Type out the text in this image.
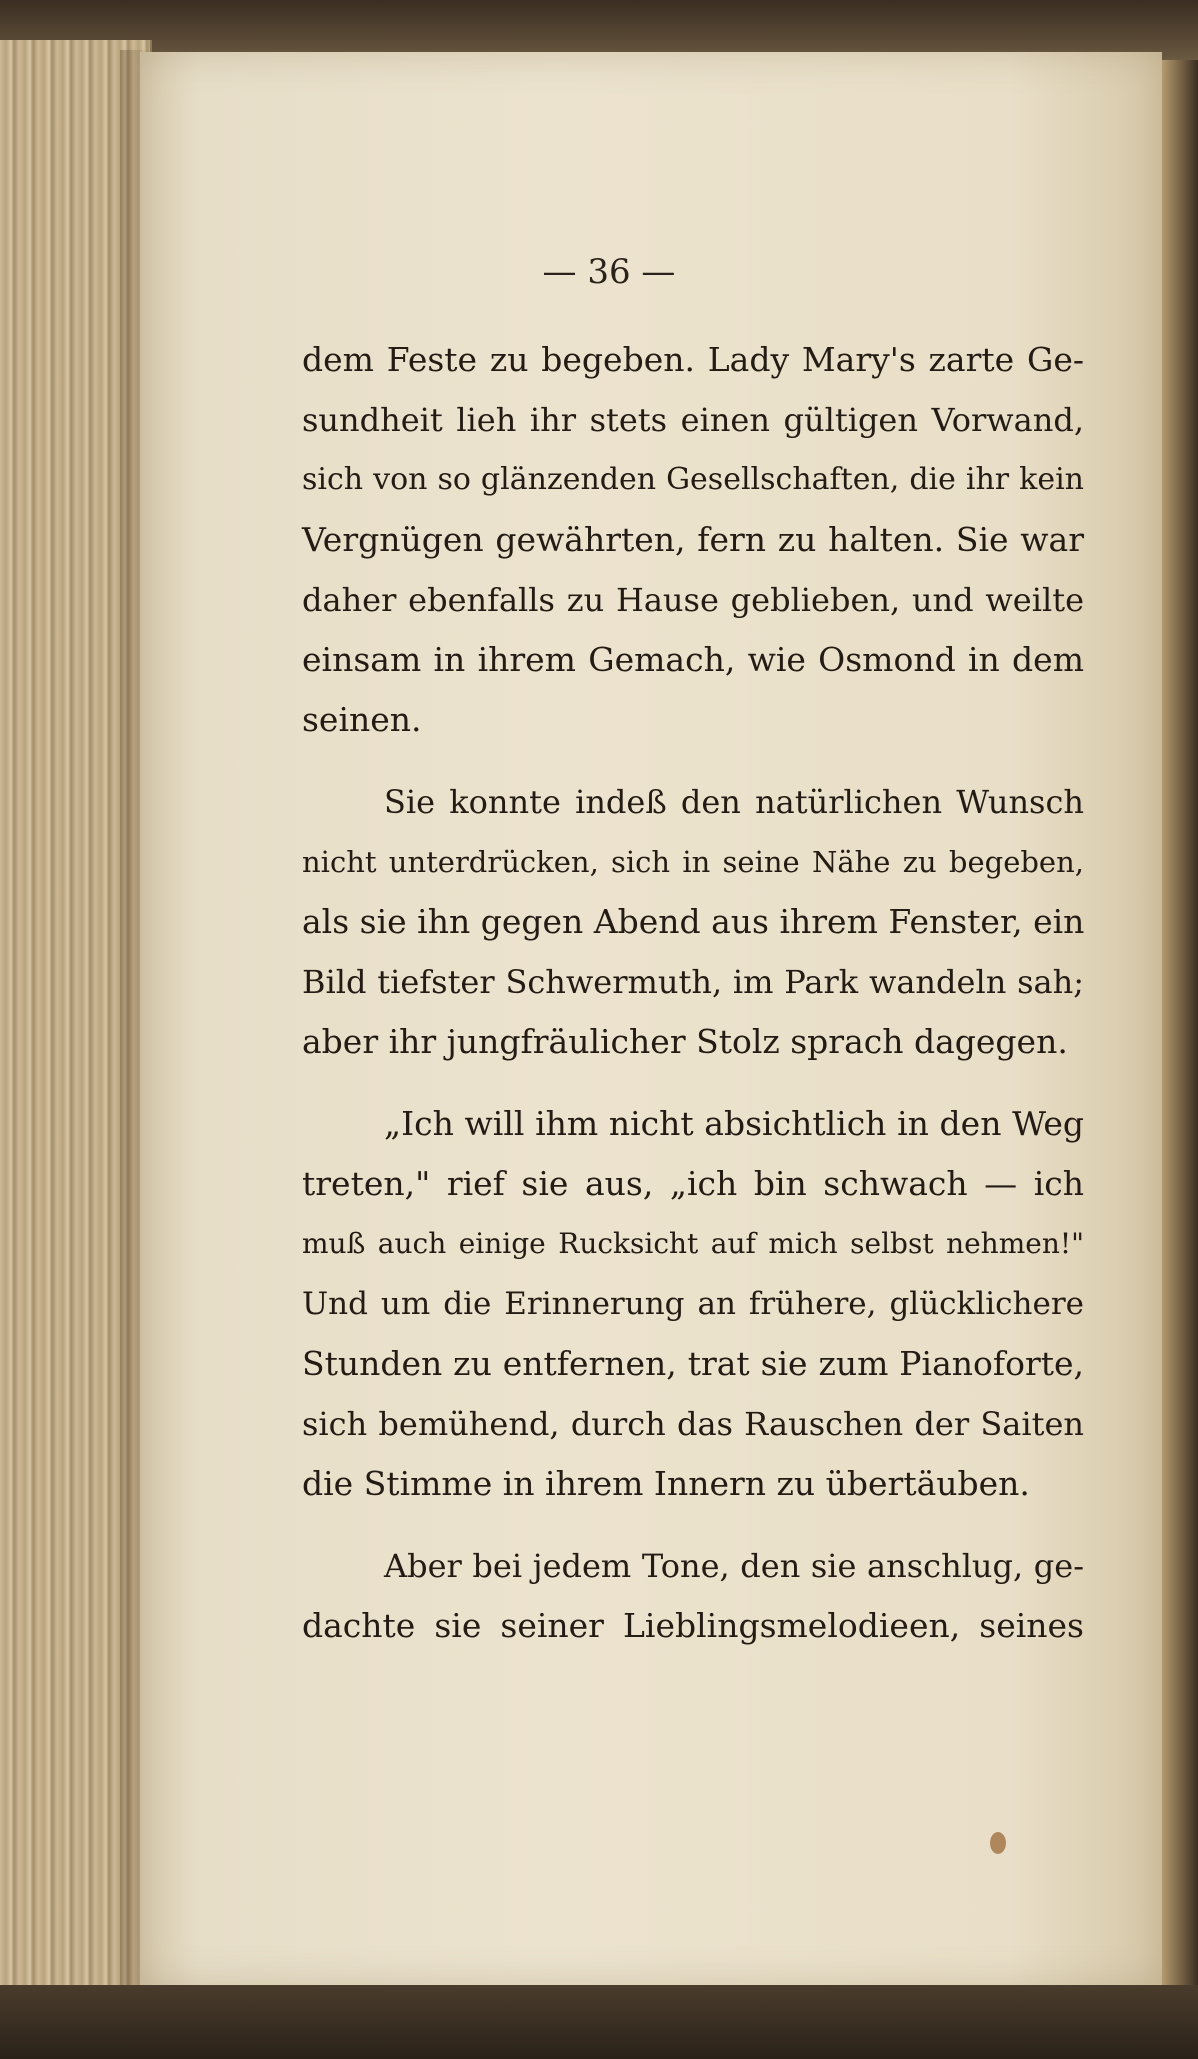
— 36 —
dem Feste zu begeben. Lady Mary's zarte Ge-
sundheit lieh ihr stets einen gültigen Vorwand,
sich von so glänzenden Gesellschaften, die ihr kein
Vergnügen gewährten, fern zu halten. Sie war
daher ebenfalls zu Hause geblieben, und weilte
einsam in ihrem Gemach, wie Osmond in dem
seinen.
Sie konnte indeß den natürlichen Wunsch
nicht unterdrücken, sich in seine Nähe zu begeben,
als sie ihn gegen Abend aus ihrem Fenster, ein
Bild tiefster Schwermuth, im Park wandeln sah;
aber ihr jungfräulicher Stolz sprach dagegen.
„Ich will ihm nicht absichtlich in den Weg
treten," rief sie aus, „ich bin schwach — ich
muß auch einige Rucksicht auf mich selbst nehmen!"
Und um die Erinnerung an frühere, glücklichere
Stunden zu entfernen, trat sie zum Pianoforte,
sich bemühend, durch das Rauschen der Saiten
die Stimme in ihrem Innern zu übertäuben.
Aber bei jedem Tone, den sie anschlug, ge-
dachte sie seiner Lieblingsmelodieen, seines
